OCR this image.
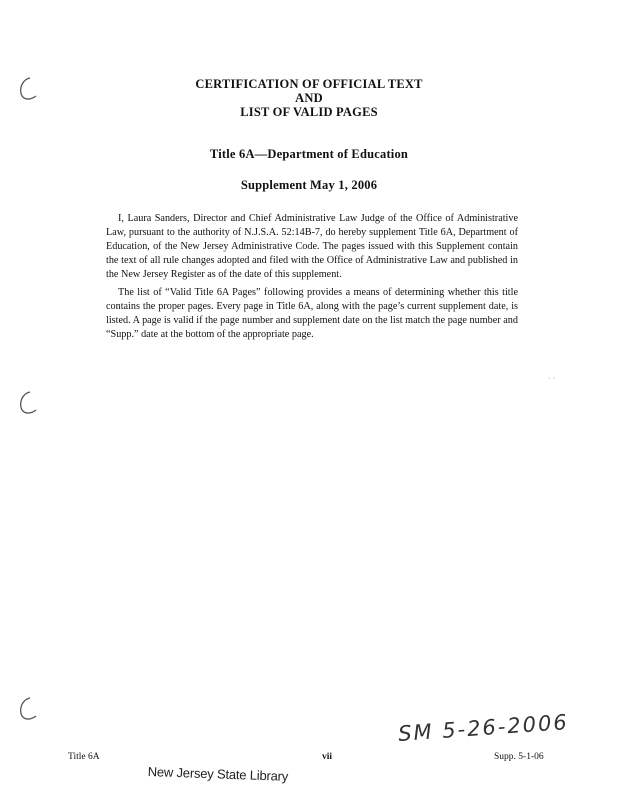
CERTIFICATION OF OFFICIAL TEXT
AND
LIST OF VALID PAGES
Title 6A—Department of Education
Supplement May 1, 2006
I, Laura Sanders, Director and Chief Administrative Law Judge of the Office of Administrative Law, pursuant to the authority of N.J.S.A. 52:14B-7, do hereby supplement Title 6A, Department of Education, of the New Jersey Administrative Code. The pages issued with this Supplement contain the text of all rule changes adopted and filed with the Office of Administrative Law and published in the New Jersey Register as of the date of this supplement.
The list of “Valid Title 6A Pages” following provides a means of determining whether this title contains the proper pages. Every page in Title 6A, along with the page’s current supplement date, is listed. A page is valid if the page number and supplement date on the list match the page number and “Supp.” date at the bottom of the appropriate page.
· ·
SM 5-26-2006
Title 6A	vii	Supp. 5-1-06
New Jersey State Library
